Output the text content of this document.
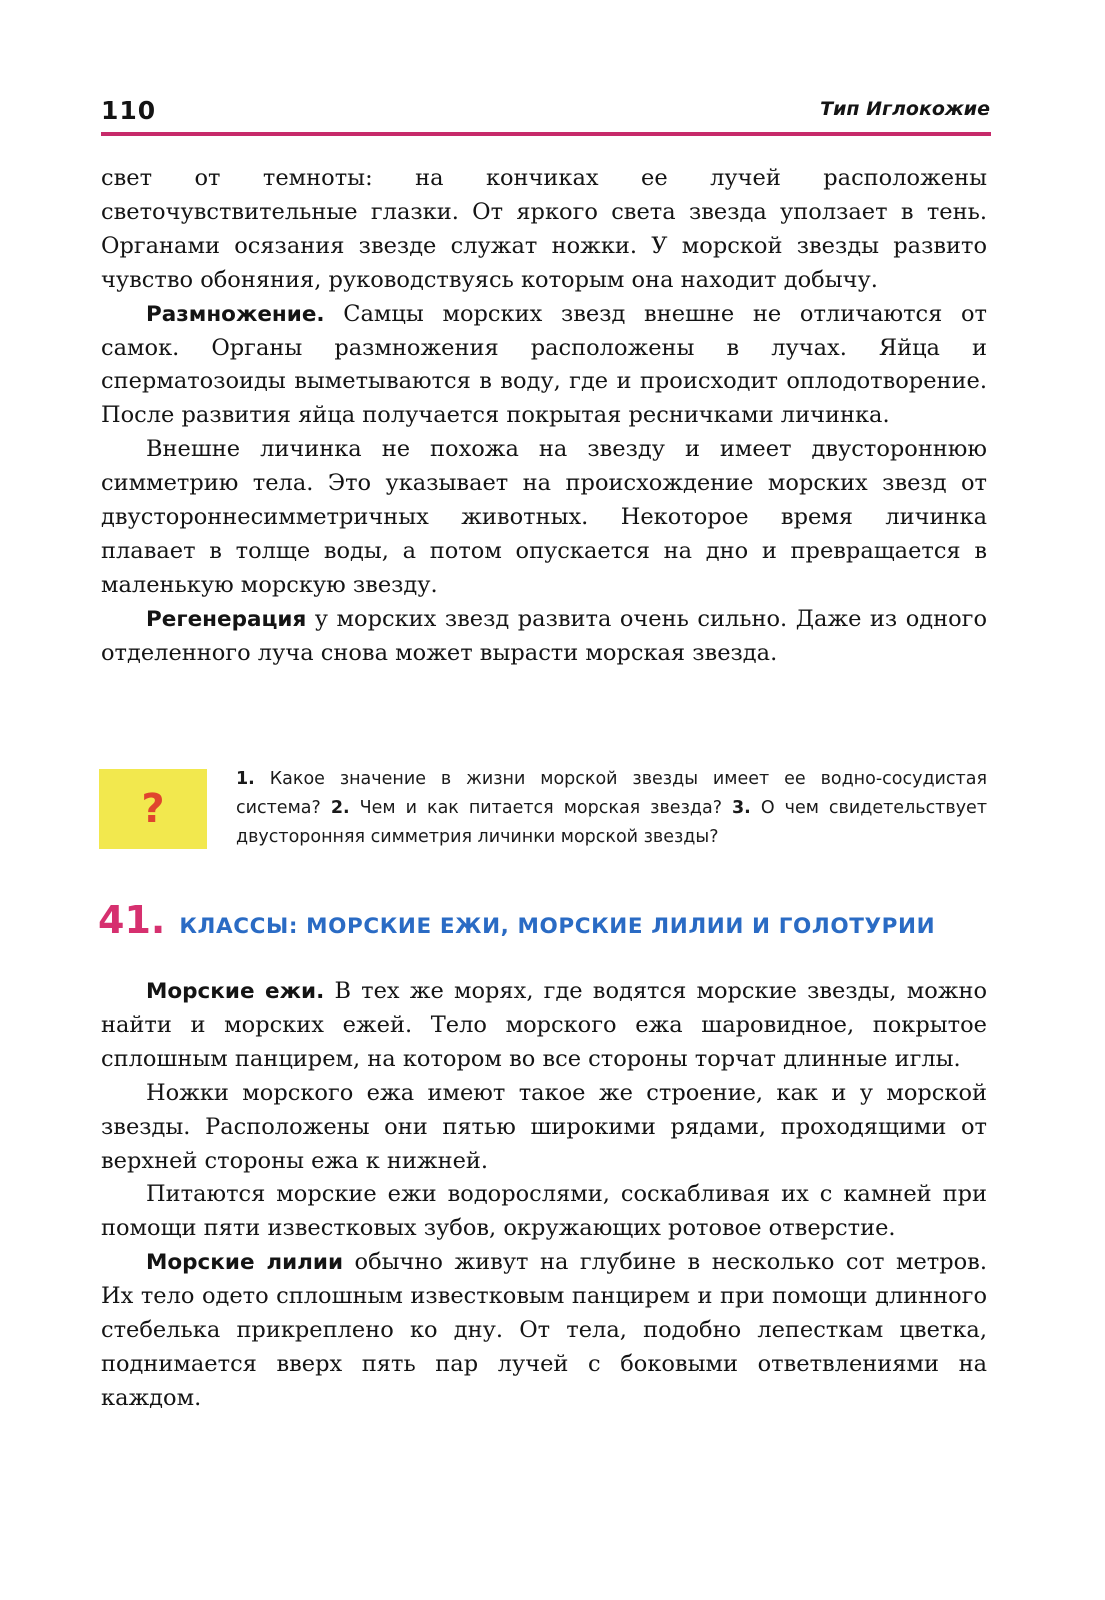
110	Тип Иглокожие

свет от темноты: на кончиках ее лучей расположены светочувствительные глазки. От яркого света звезда уползает в тень. Органами осязания звезде служат ножки. У морской звезды развито чувство обоняния, руководствуясь которым она находит добычу.

Размножение. Самцы морских звезд внешне не отличаются от самок. Органы размножения расположены в лучах. Яйца и сперматозоиды выметываются в воду, где и происходит оплодотворение. После развития яйца получается покрытая ресничками личинка.

Внешне личинка не похожа на звезду и имеет двустороннюю симметрию тела. Это указывает на происхождение морских звезд от двустороннесимметричных животных. Некоторое время личинка плавает в толще воды, а потом опускается на дно и превращается в маленькую морскую звезду.

Регенерация у морских звезд развита очень сильно. Даже из одного отделенного луча снова может вырасти морская звезда.

?
1. Какое значение в жизни морской звезды имеет ее водно-сосудистая система? 2. Чем и как питается морская звезда? 3. О чем свидетельствует двусторонняя симметрия личинки морской звезды?
41. КЛАССЫ: МОРСКИЕ ЕЖИ, МОРСКИЕ ЛИЛИИ И ГОЛОТУРИИ

Морские ежи. В тех же морях, где водятся морские звезды, можно найти и морских ежей. Тело морского ежа шаровидное, покрытое сплошным панцирем, на котором во все стороны торчат длинные иглы.

Ножки морского ежа имеют такое же строение, как и у морской звезды. Расположены они пятью широкими рядами, проходящими от верхней стороны ежа к нижней.

Питаются морские ежи водорослями, соскабливая их с камней при помощи пяти известковых зубов, окружающих ротовое отверстие.

Морские лилии обычно живут на глубине в несколько сот метров. Их тело одето сплошным известковым панцирем и при помощи длинного стебелька прикреплено ко дну. От тела, подобно лепесткам цветка, поднимается вверх пять пар лучей с боковыми ответвлениями на каждом.
